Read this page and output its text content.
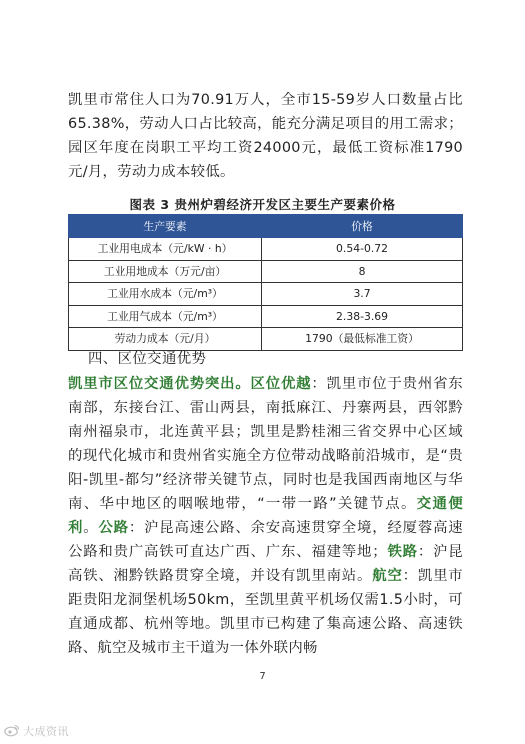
凯里市常住人口为70.91万人，全市15-59岁人口数量占比65.38%，劳动人口占比较高，能充分满足项目的用工需求；园区年度在岗职工平均工资24000元，最低工资标准1790元/月，劳动力成本较低。

图表 3 贵州炉碧经济开发区主要生产要素价格
生产要素	价格
工业用电成本（元/kW · h）	0.54-0.72
工业用地成本（万元/亩）	8
工业用水成本（元/m³）	3.7
工业用气成本（元/m³）	2.38-3.69
劳动力成本（元/月）	1790（最低标准工资）
四、区位交通优势

凯里市区位交通优势突出。区位优越：凯里市位于贵州省东南部，东接台江、雷山两县，南抵麻江、丹寨两县，西邻黔南州福泉市，北连黄平县；凯里是黔桂湘三省交界中心区域的现代化城市和贵州省实施全方位带动战略前沿城市，是“贵阳-凯里-都匀”经济带关键节点，同时也是我国西南地区与华南、华中地区的咽喉地带，“一带一路”关键节点。交通便利。公路：沪昆高速公路、余安高速贯穿全境，经厦蓉高速公路和贵广高铁可直达广西、广东、福建等地；铁路：沪昆高铁、湘黔铁路贯穿全境，并设有凯里南站。航空：凯里市距贵阳龙洞堡机场50km，至凯里黄平机场仅需1.5小时，可直通成都、杭州等地。凯里市已构建了集高速公路、高速铁路、航空及城市主干道为一体外联内畅

7
大成资讯
